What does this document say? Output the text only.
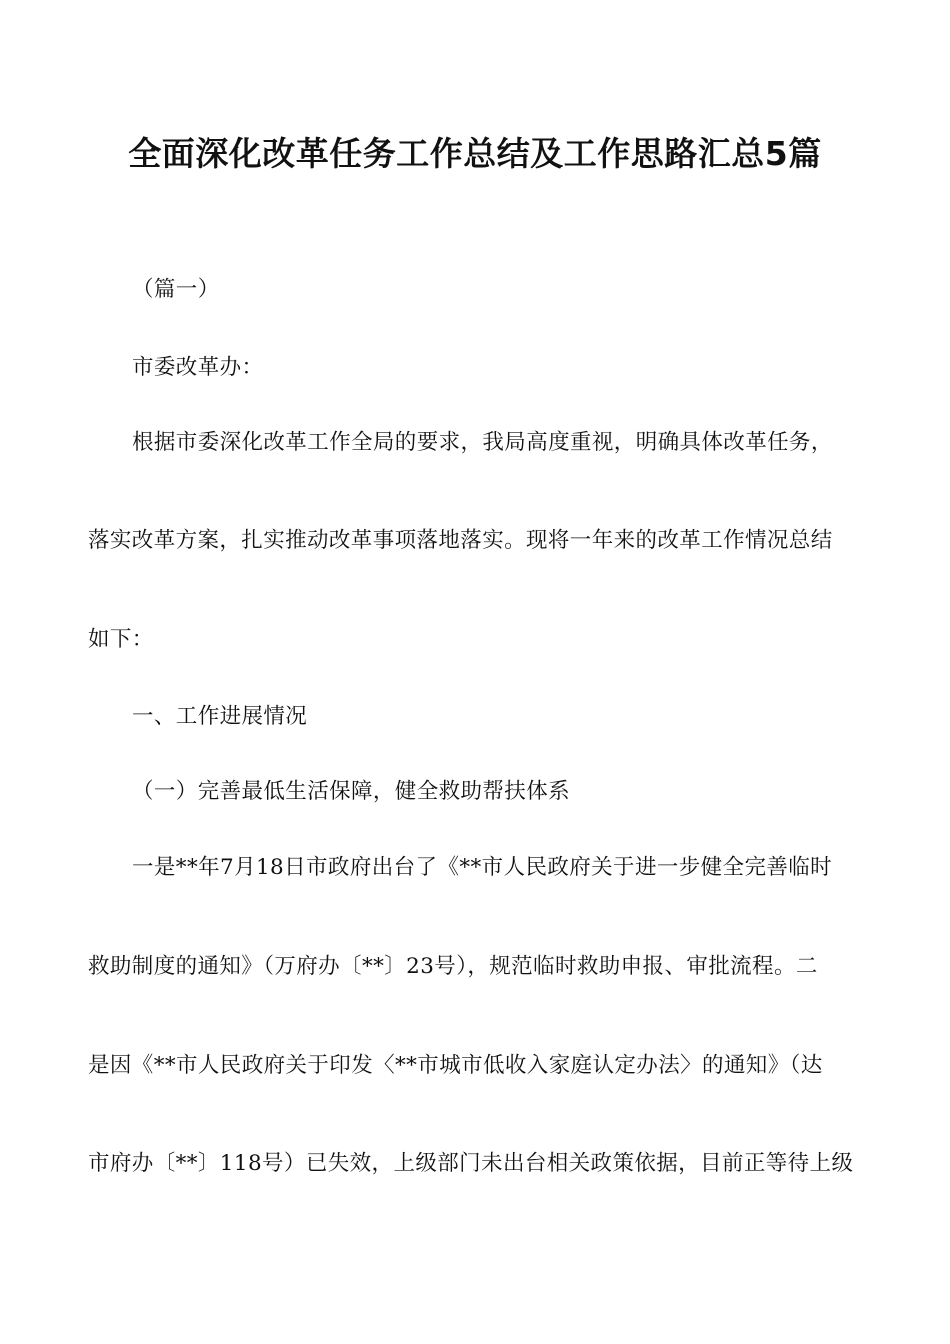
全面深化改革任务工作总结及工作思路汇总5篇
（篇一）
市委改革办：
根据市委深化改革工作全局的要求，我局高度重视，明确具体改革任务，
落实改革方案，扎实推动改革事项落地落实。现将一年来的改革工作情况总结
如下：
一、工作进展情况
（一）完善最低生活保障，健全救助帮扶体系
一是**年7月18日市政府出台了《**市人民政府关于进一步健全完善临时
救助制度的通知》（万府办〔**〕23号），规范临时救助申报、审批流程。二
是因《**市人民政府关于印发〈**市城市低收入家庭认定办法〉的通知》（达
市府办〔**〕118号）已失效，上级部门未出台相关政策依据，目前正等待上级
